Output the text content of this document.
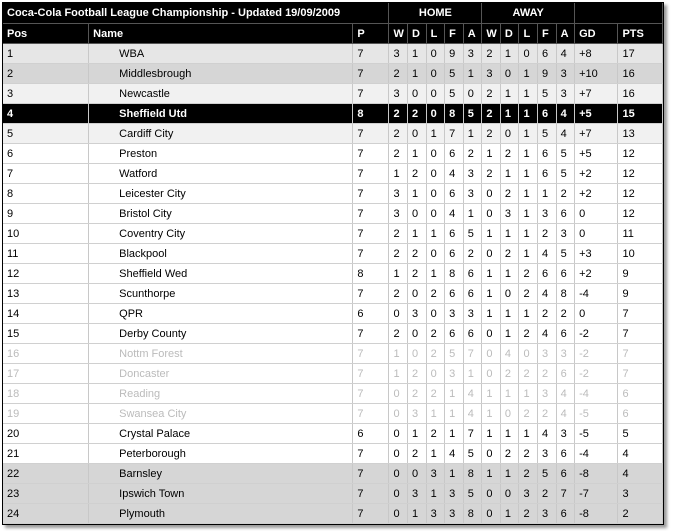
Coca-Cola Football League Championship - Updated 19/09/2009			HOME					AWAY						
Pos	Name	P	W	D	L	F	A	W	D	L	F	A	GD	PTS
1	WBA	7	3	1	0	9	3	2	1	0	6	4	+8	17
2	Middlesbrough	7	2	1	0	5	1	3	0	1	9	3	+10	16
3	Newcastle	7	3	0	0	5	0	2	1	1	5	3	+7	16
4	Sheffield Utd	8	2	2	0	8	5	2	1	1	6	4	+5	15
5	Cardiff City	7	2	0	1	7	1	2	0	1	5	4	+7	13
6	Preston	7	2	1	0	6	2	1	2	1	6	5	+5	12
7	Watford	7	1	2	0	4	3	2	1	1	6	5	+2	12
8	Leicester City	7	3	1	0	6	3	0	2	1	1	2	+2	12
9	Bristol City	7	3	0	0	4	1	0	3	1	3	6	0	12
10	Coventry City	7	2	1	1	6	5	1	1	1	2	3	0	11
11	Blackpool	7	2	2	0	6	2	0	2	1	4	5	+3	10
12	Sheffield Wed	8	1	2	1	8	6	1	1	2	6	6	+2	9
13	Scunthorpe	7	2	0	2	6	6	1	0	2	4	8	-4	9
14	QPR	6	0	3	0	3	3	1	1	1	2	2	0	7
15	Derby County	7	2	0	2	6	6	0	1	2	4	6	-2	7
16	Nottm Forest	7	1	0	2	5	7	0	4	0	3	3	-2	7
17	Doncaster	7	1	2	0	3	1	0	2	2	2	6	-2	7
18	Reading	7	0	2	2	1	4	1	1	1	3	4	-4	6
19	Swansea City	7	0	3	1	1	4	1	0	2	2	4	-5	6
20	Crystal Palace	6	0	1	2	1	7	1	1	1	4	3	-5	5
21	Peterborough	7	0	2	1	4	5	0	2	2	3	6	-4	4
22	Barnsley	7	0	0	3	1	8	1	1	2	5	6	-8	4
23	Ipswich Town	7	0	3	1	3	5	0	0	3	2	7	-7	3
24	Plymouth	7	0	1	3	3	8	0	1	2	3	6	-8	2
